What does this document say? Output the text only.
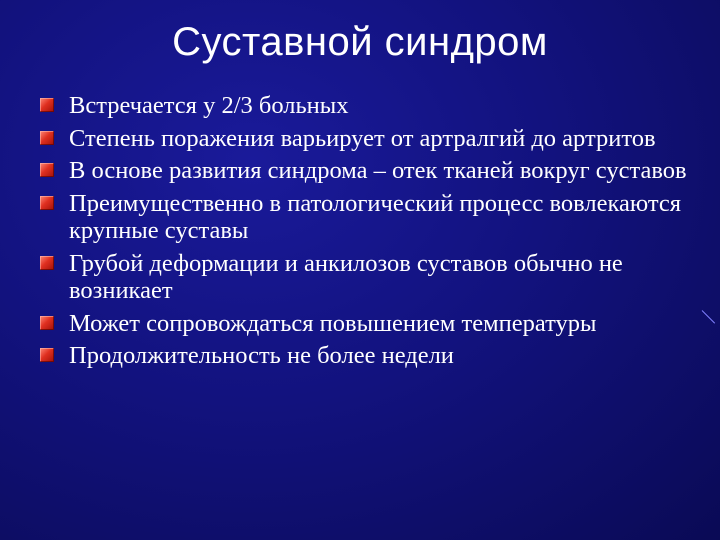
Суставной синдром
Встречается у 2/3 больных
Степень поражения варьирует от артралгий до артритов
В основе развития синдрома – отек тканей вокруг суставов
Преимущественно в патологический процесс вовлекаются крупные суставы
Грубой деформации и анкилозов суставов обычно не возникает
Может сопровождаться повышением температуры
Продолжительность не более недели
